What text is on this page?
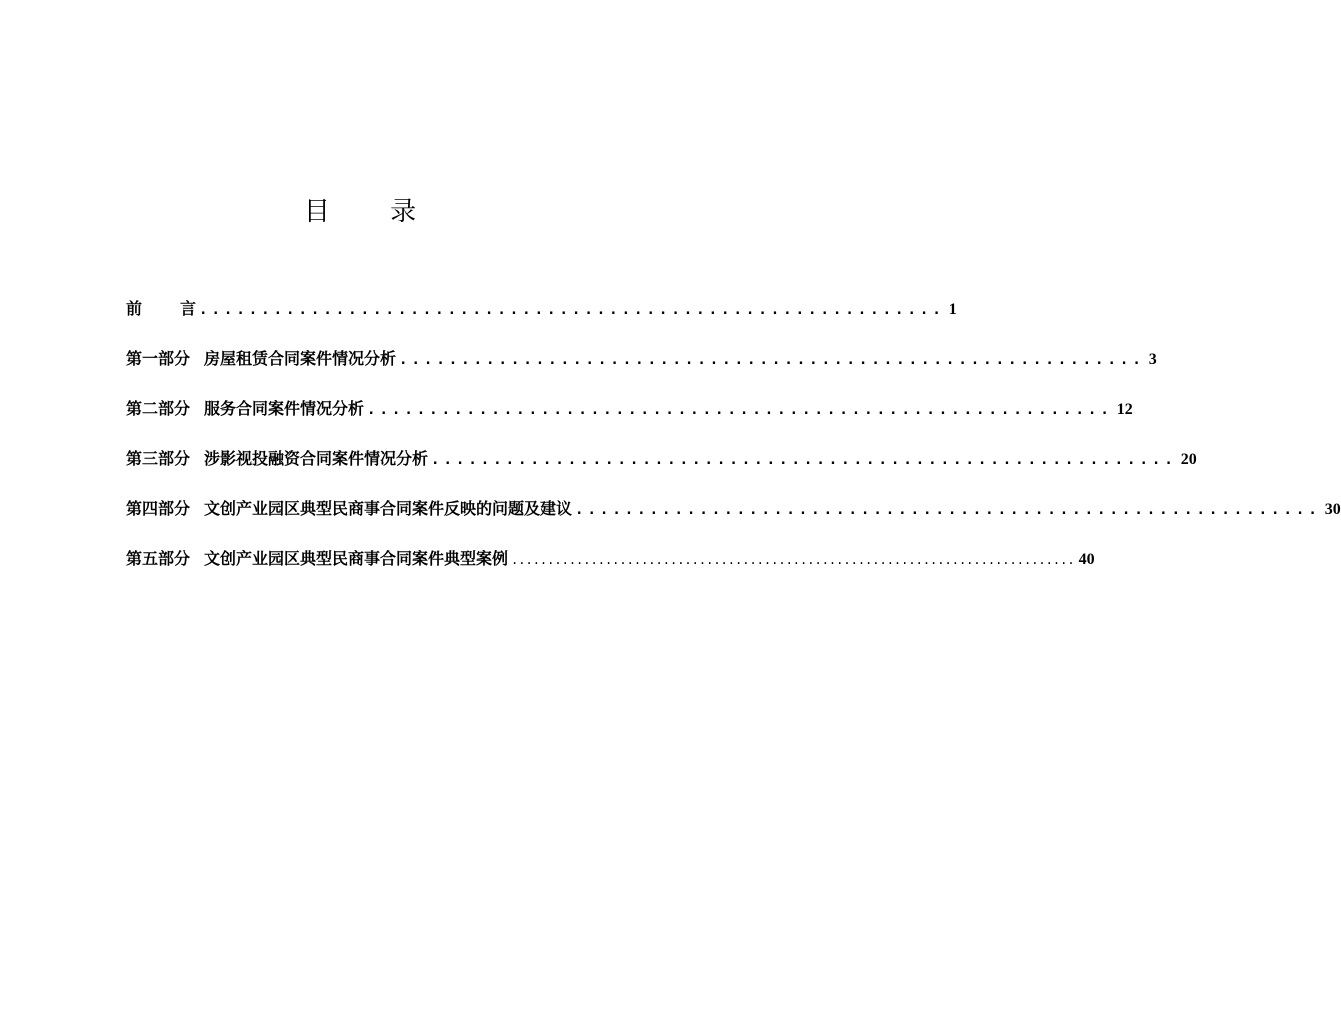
目 录
前言 ............................................................ 1
第一部分 房屋租赁合同案件情况分析 ............................................................ 3
第二部分 服务合同案件情况分析 ............................................................ 12
第三部分 涉影视投融资合同案件情况分析 ............................................................ 20
第四部分 文创产业园区典型民商事合同案件反映的问题及建议 ............................................................ 30
第五部分 文创产业园区典型民商事合同案件典型案例 .............................................................................. 40
